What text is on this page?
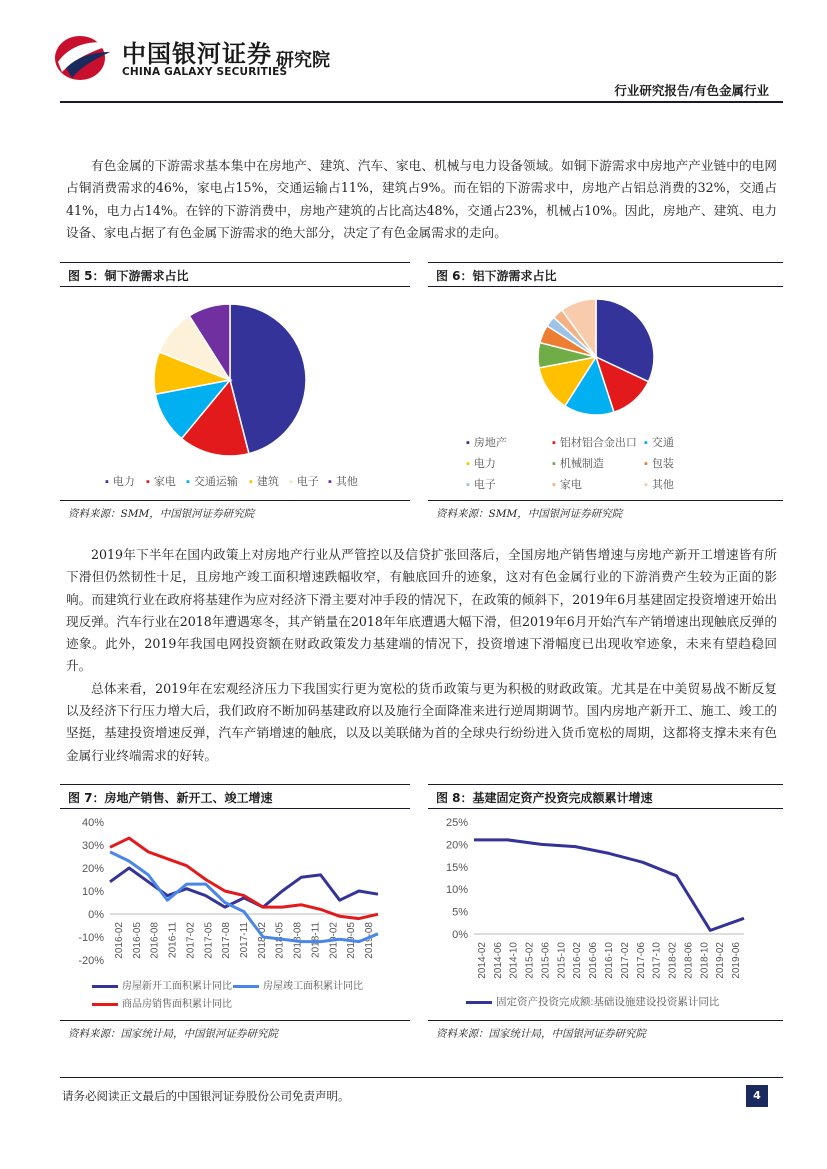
中国银河证券
CHINA GALAXY SECURITIES
研究院
行业研究报告/有色金属行业

有色金属的下游需求基本集中在房地产、建筑、汽车、家电、机械与电力设备领域。如铜下游需求中房地产产业链中的电网占铜消费需求的46%，家电占15%，交通运输占11%，建筑占9%。而在铝的下游需求中，房地产占铝总消费的32%，交通占41%，电力占14%。在锌的下游消费中，房地产建筑的占比高达48%，交通占23%，机械占10%。因此，房地产、建筑、电力设备、家电占据了有色金属下游需求的绝大部分，决定了有色金属需求的走向。

图 5：铜下游需求占比
▪ 电力 ▪ 家电 ▪ 交通运输 ▪ 建筑 ▪ 电子 ▪ 其他
资料来源：SMM，中国银河证券研究院
图 6：铝下游需求占比
▪ 房地产	▪ 铝材铝合金出口 ▪ 交通
▪ 电力	▪ 机械制造	▪ 包装
▪ 电子	▪ 家电	▪ 其他
资料来源：SMM，中国银河证券研究院

2019年下半年在国内政策上对房地产行业从严管控以及信贷扩张回落后，全国房地产销售增速与房地产新开工增速皆有所下滑但仍然韧性十足，且房地产竣工面积增速跌幅收窄，有触底回升的迹象，这对有色金属行业的下游消费产生较为正面的影响。而建筑行业在政府将基建作为应对经济下滑主要对冲手段的情况下，在政策的倾斜下，2019年6月基建固定投资增速开始出现反弹。汽车行业在2018年遭遇寒冬，其产销量在2018年年底遭遇大幅下滑，但2019年6月开始汽车产销增速出现触底反弹的迹象。此外，2019年我国电网投资额在财政政策发力基建端的情况下，投资增速下滑幅度已出现收窄迹象，未来有望趋稳回升。

总体来看，2019年在宏观经济压力下我国实行更为宽松的货币政策与更为积极的财政政策。尤其是在中美贸易战不断反复以及经济下行压力增大后，我们政府不断加码基建政府以及施行全面降准来进行逆周期调节。国内房地产新开工、施工、竣工的坚挺，基建投资增速反弹，汽车产销增速的触底，以及以美联储为首的全球央行纷纷进入货币宽松的周期，这都将支撑未来有色金属行业终端需求的好转。

图 7：房地产销售、新开工、竣工增速
40%
30%
20%
10%
0%
-10%
-20%
2016-02 2016-05 2016-08 2016-11 2017-02 2017-05 2017-08 2017-11 2018-02 2018-05 2018-08 2018-11 2019-02 2019-05 2019-08
房屋新开工面积累计同比	房屋竣工面积累计同比
商品房销售面积累计同比
资料来源：国家统计局，中国银河证券研究院
图 8：基建固定资产投资完成额累计增速
25%
20%
15%
10%
5%
0%
2014-02 2014-06 2014-10 2015-02 2015-06 2015-10 2016-02 2016-06 2016-10 2017-02 2017-06 2017-10 2018-02 2018-06 2018-10 2019-02 2019-06
固定资产投资完成额:基础设施建设投资累计同比
资料来源：国家统计局，中国银河证券研究院
请务必阅读正文最后的中国银河证券股份公司免责声明。	4
